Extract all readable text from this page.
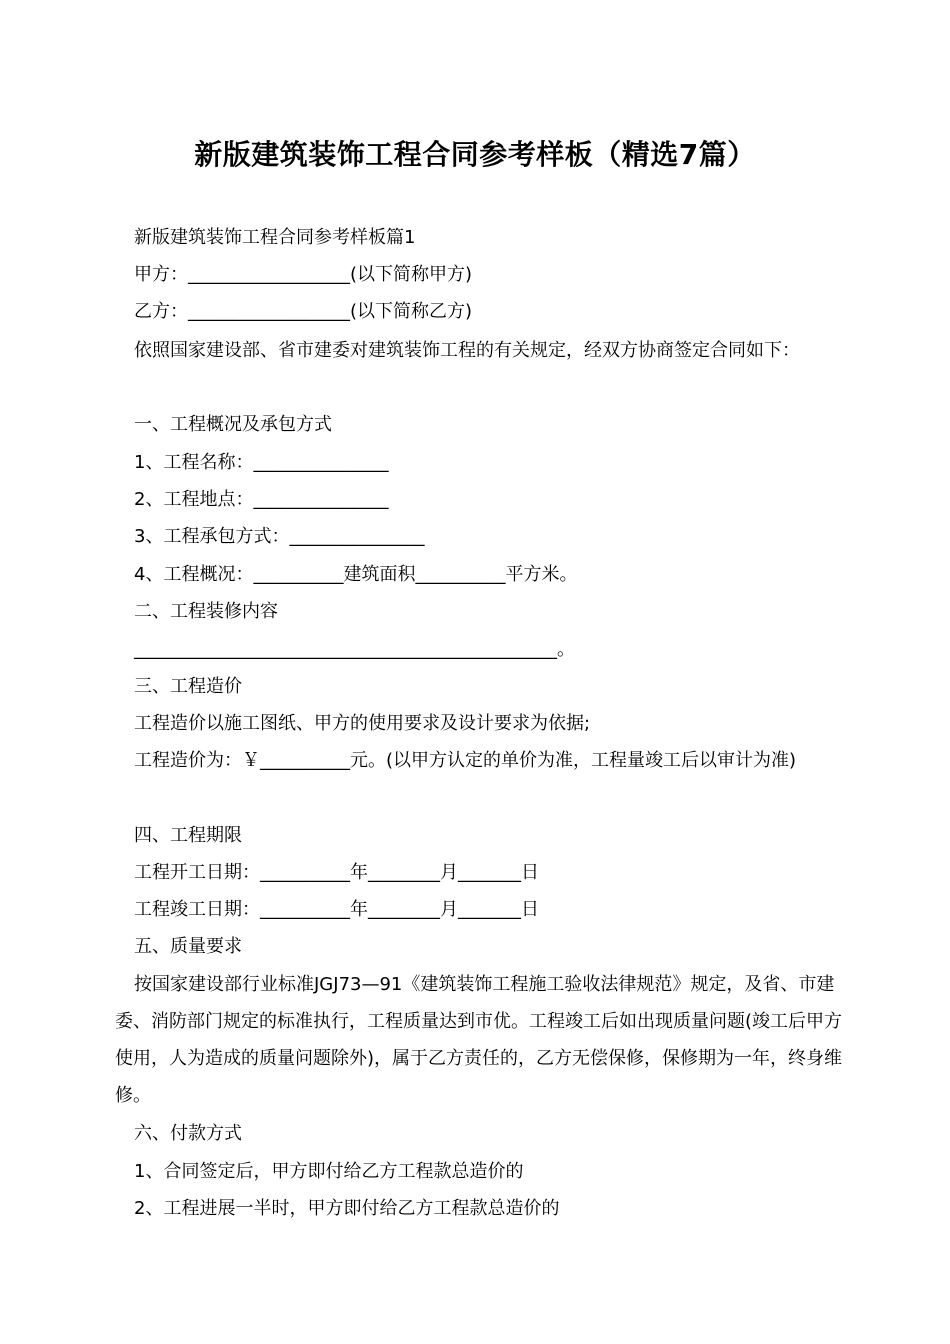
新版建筑装饰工程合同参考样板（精选7篇）
新版建筑装饰工程合同参考样板篇1
甲方：__________________(以下简称甲方)
乙方：__________________(以下简称乙方)
依照国家建设部、省市建委对建筑装饰工程的有关规定，经双方协商签定合同如下：
一、工程概况及承包方式
1、工程名称：_______________
2、工程地点：_______________
3、工程承包方式：_______________
4、工程概况：__________建筑面积__________平方米。
二、工程装修内容
_______________________________________________。
三、工程造价
工程造价以施工图纸、甲方的使用要求及设计要求为依据;

工程造价为：￥__________元。(以甲方认定的单价为准，工程量竣工后以审计为准)

四、工程期限
工程开工日期：__________年________月_______日
工程竣工日期：__________年________月_______日
五、质量要求

按国家建设部行业标准JGJ73—91《建筑装饰工程施工验收法律规范》规定，及省、市建委、消防部门规定的标准执行，工程质量达到市优。工程竣工后如出现质量问题(竣工后甲方使用，人为造成的质量问题除外)，属于乙方责任的，乙方无偿保修，保修期为一年，终身维修。

六、付款方式
1、合同签定后，甲方即付给乙方工程款总造价的
2、工程进展一半时，甲方即付给乙方工程款总造价的
